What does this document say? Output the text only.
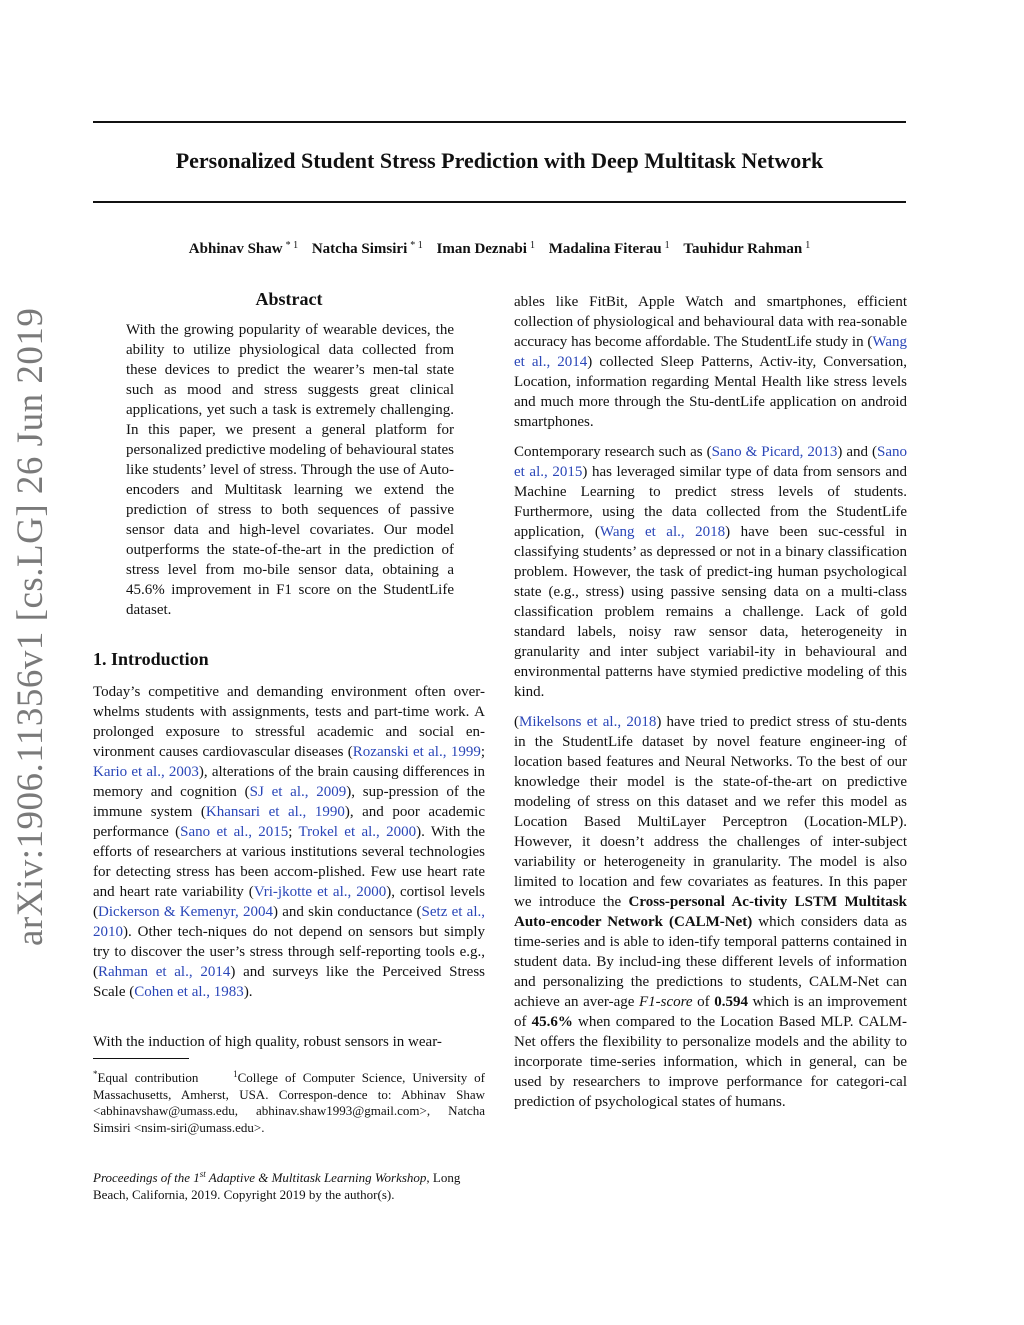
arXiv:1906.11356v1 [cs.LG] 26 Jun 2019
Personalized Student Stress Prediction with Deep Multitask Network
Abhinav Shaw $^{* 1}$ Natcha Simsiri $^{* 1}$ Iman Deznabi $^1$ Madalina Fiterau $^1$ Tauhidur Rahman $^1$
Abstract

With the growing popularity of wearable devices, the ability to utilize physiological data collected from these devices to predict the wearer’s men-tal state such as mood and stress suggests great clinical applications, yet such a task is extremely challenging. In this paper, we present a general platform for personalized predictive modeling of behavioural states like students’ level of stress. Through the use of Auto-encoders and Multitask learning we extend the prediction of stress to both sequences of passive sensor data and high-level covariates. Our model outperforms the state-of-the-art in the prediction of stress level from mo-bile sensor data, obtaining a 45.6% improvement in F1 score on the StudentLife dataset.

1. Introduction

Today’s competitive and demanding environment often over-whelms students with assignments, tests and part-time work. A prolonged exposure to stressful academic and social en-vironment causes cardiovascular diseases (Rozanski et al., 1999; Kario et al., 2003), alterations of the brain causing differences in memory and cognition (SJ et al., 2009), sup-pression of the immune system (Khansari et al., 1990), and poor academic performance (Sano et al., 2015; Trokel et al., 2000). With the efforts of researchers at various institutions several technologies for detecting stress has been accom-plished. Few use heart rate and heart rate variability (Vri-jkotte et al., 2000), cortisol levels (Dickerson & Kemenyr, 2004) and skin conductance (Setz et al., 2010). Other tech-niques do not depend on sensors but simply try to discover the user’s stress through self-reporting tools e.g., (Rahman et al., 2014) and surveys like the Perceived Stress Scale (Cohen et al., 1983).

With the induction of high quality, robust sensors in wear-

*Equal contribution	$^1$College of Computer Science, University of Massachusetts, Amherst, USA. Correspon-dence to: Abhinav Shaw <abhinavshaw@umass.edu, abhinav.shaw1993@gmail.com>, Natcha Simsiri <nsim-siri@umass.edu>.
Proceedings of the 1st Adaptive & Multitask Learning Workshop, Long Beach, California, 2019. Copyright 2019 by the author(s).

ables like FitBit, Apple Watch and smartphones, efficient collection of physiological and behavioural data with rea-sonable accuracy has become affordable. The StudentLife study in (Wang et al., 2014) collected Sleep Patterns, Activ-ity, Conversation, Location, information regarding Mental Health like stress levels and much more through the Stu-dentLife application on android smartphones.

Contemporary research such as (Sano & Picard, 2013) and (Sano et al., 2015) has leveraged similar type of data from sensors and Machine Learning to predict stress levels of students. Furthermore, using the data collected from the StudentLife application, (Wang et al., 2018) have been suc-cessful in classifying students’ as depressed or not in a binary classification problem. However, the task of predict-ing human psychological state (e.g., stress) using passive sensing data on a multi-class classification problem remains a challenge. Lack of gold standard labels, noisy raw sensor data, heterogeneity in granularity and inter subject variabil-ity in behavioural and environmental patterns have stymied predictive modeling of this kind.

(Mikelsons et al., 2018) have tried to predict stress of stu-dents in the StudentLife dataset by novel feature engineer-ing of location based features and Neural Networks. To the best of our knowledge their model is the state-of-the-art on predictive modeling of stress on this dataset and we refer this model as Location Based MultiLayer Perceptron (Location-MLP). However, it doesn’t address the challenges of inter-subject variability or heterogeneity in granularity. The model is also limited to location and few covariates as features. In this paper we introduce the Cross-personal Ac-tivity LSTM Multitask Auto-encoder Network (CALM-Net) which considers data as time-series and is able to iden-tify temporal patterns contained in student data. By includ-ing these different levels of information and personalizing the predictions to students, CALM-Net can achieve an aver-age F1-score of 0.594 which is an improvement of 45.6% when compared to the Location Based MLP. CALM-Net offers the flexibility to personalize models and the ability to incorporate time-series information, which in general, can be used by researchers to improve performance for categori-cal prediction of psychological states of humans.
